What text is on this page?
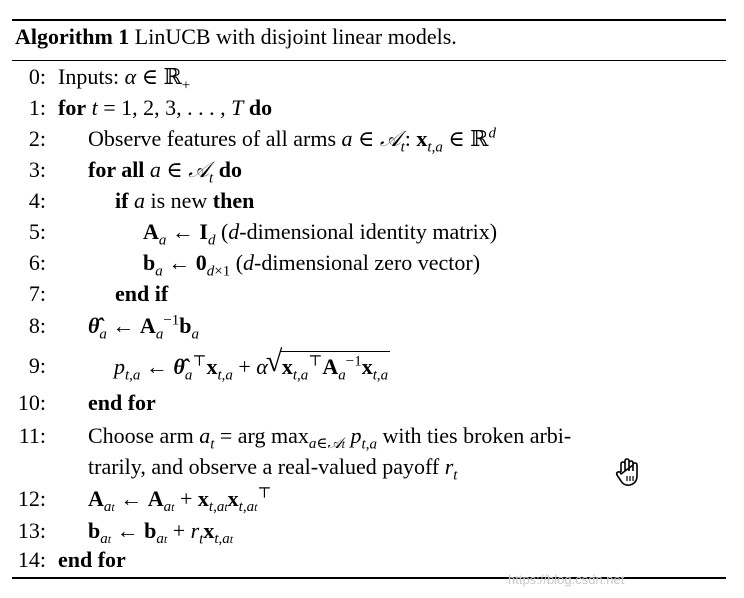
Algorithm 1 LinUCB with disjoint linear models.
0: Inputs: α ∈ ℝ$_+$
1: for t = 1, 2, 3, . . . , T do
2: Observe features of all arms a ∈ 𝒜$_t$: $x_{t,a}$ ∈ ℝ$^d$
3: for all a ∈ 𝒜$_t$ do
4:	if a is new then
5:	$A_a$ ← $I_d$ (d-dimensional identity matrix)
6:	$b_a$ ← $0_{d\times 1}$ (d-dimensional zero vector)
7:	end if
8: $\thetâ_a$ ← $A_a^{-1}b_a$
9:	$p_{t,a}$ ← $\thetâ_a^⊤x_{t,a} + \alpha$
√ $x_{t,a}^⊤A_a^{-1}x_{t,a}$
10: end for
11: Choose arm $a_t$ = arg $\max_{a\in 𝒜t} p_{t,a}$ with ties broken arbi-
trarily, and observe a real-valued payoff $r_t$
12: $A_{at}$ ← $A_{at} + x_{t,at}x_{t,at}^⊤$
13: $b_{at}$ ← $b_{at} + r_tx_{t,at}$
14: end for
https://blog.csdn.net
